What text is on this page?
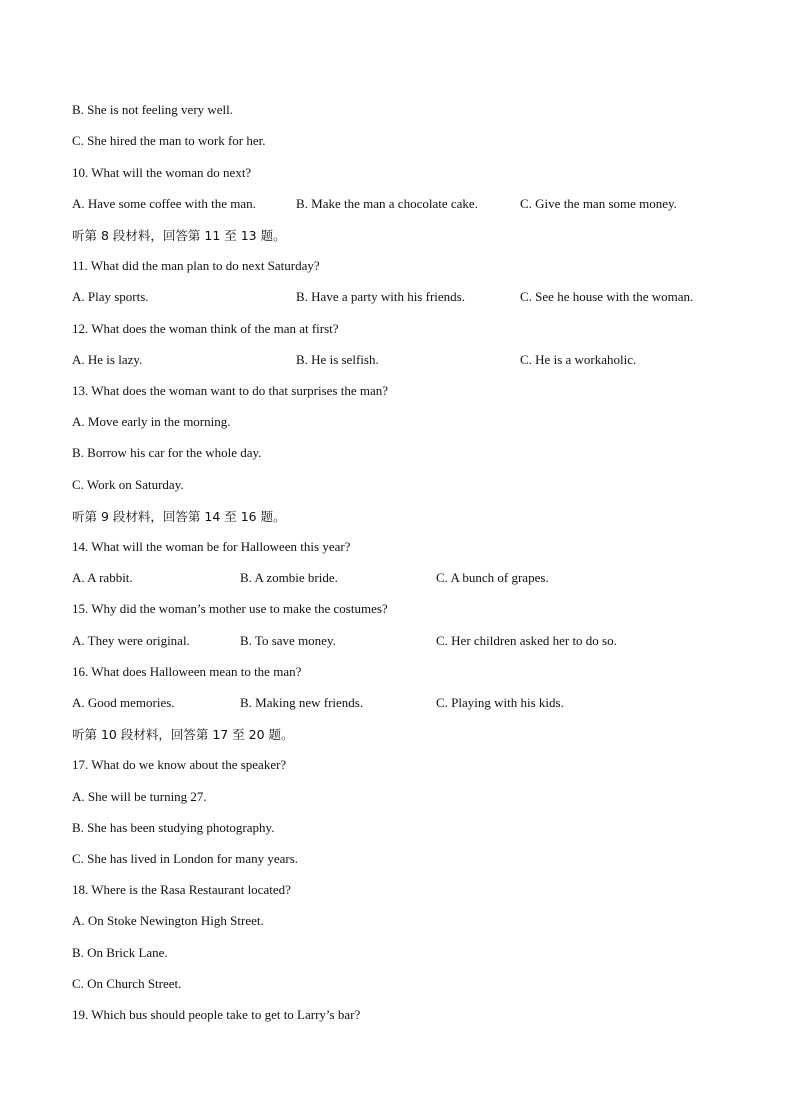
B. She is not feeling very well.
C. She hired the man to work for her.
10. What will the woman do next?
A. Have some coffee with the man.	B. Make the man a chocolate cake.	C. Give the man some money.
听第 8 段材料，回答第 11 至 13 题。
11. What did the man plan to do next Saturday?
A. Play sports.	B. Have a party with his friends.	C. See he house with the woman.
12. What does the woman think of the man at first?
A. He is lazy.	B. He is selfish.	C. He is a workaholic.
13. What does the woman want to do that surprises the man?
A. Move early in the morning.
B. Borrow his car for the whole day.
C. Work on Saturday.
听第 9 段材料，回答第 14 至 16 题。
14. What will the woman be for Halloween this year?
A. A rabbit.	B. A zombie bride.	C. A bunch of grapes.
15. Why did the woman’s mother use to make the costumes?
A. They were original.	B. To save money.	C. Her children asked her to do so.
16. What does Halloween mean to the man?
A. Good memories.	B. Making new friends.	C. Playing with his kids.
听第 10 段材料，回答第 17 至 20 题。
17. What do we know about the speaker?
A. She will be turning 27.
B. She has been studying photography.
C. She has lived in London for many years.
18. Where is the Rasa Restaurant located?
A. On Stoke Newington High Street.
B. On Brick Lane.
C. On Church Street.
19. Which bus should people take to get to Larry’s bar?
